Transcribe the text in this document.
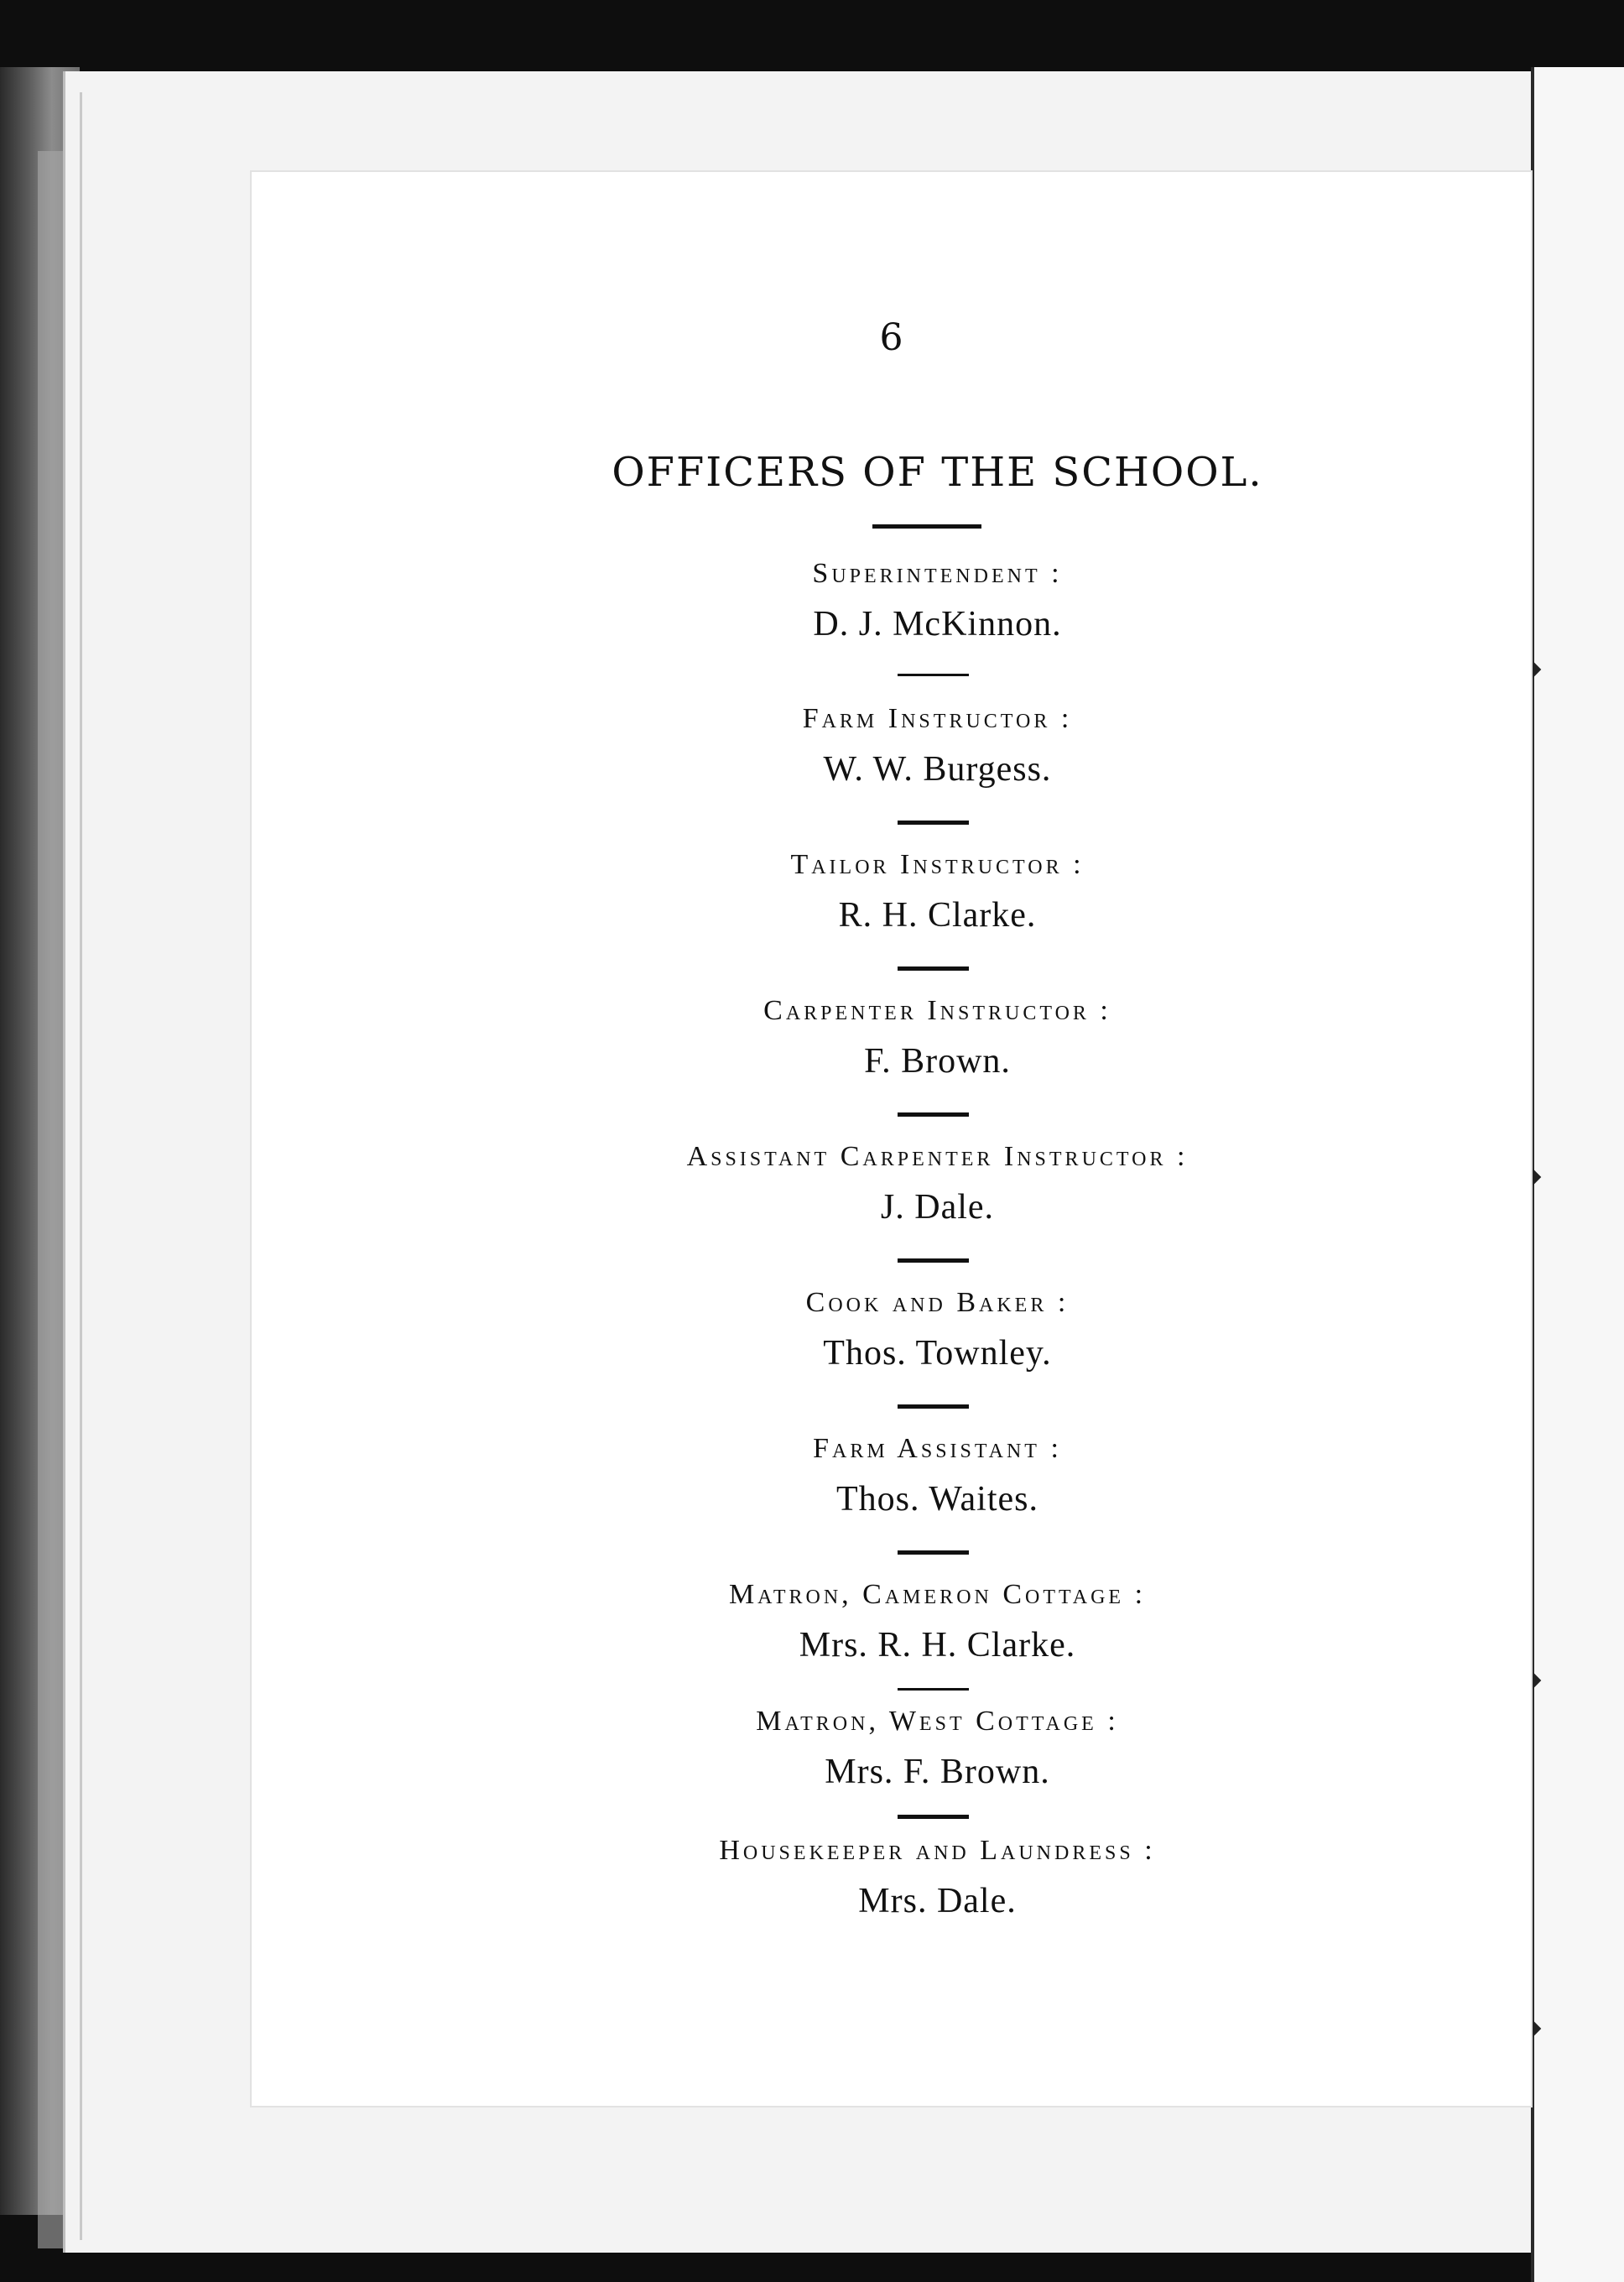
6
OFFICERS OF THE SCHOOL.
Superintendent :
D. J. McKinnon.
Farm Instructor :
W. W. Burgess.
Tailor Instructor :
R. H. Clarke.
Carpenter Instructor :
F. Brown.
Assistant Carpenter Instructor :
J. Dale.
Cook and Baker :
Thos. Townley.
Farm Assistant :
Thos. Waites.
Matron, Cameron Cottage :
Mrs. R. H. Clarke.
Matron, West Cottage :
Mrs. F. Brown.
Housekeeper and Laundress :
Mrs. Dale.
